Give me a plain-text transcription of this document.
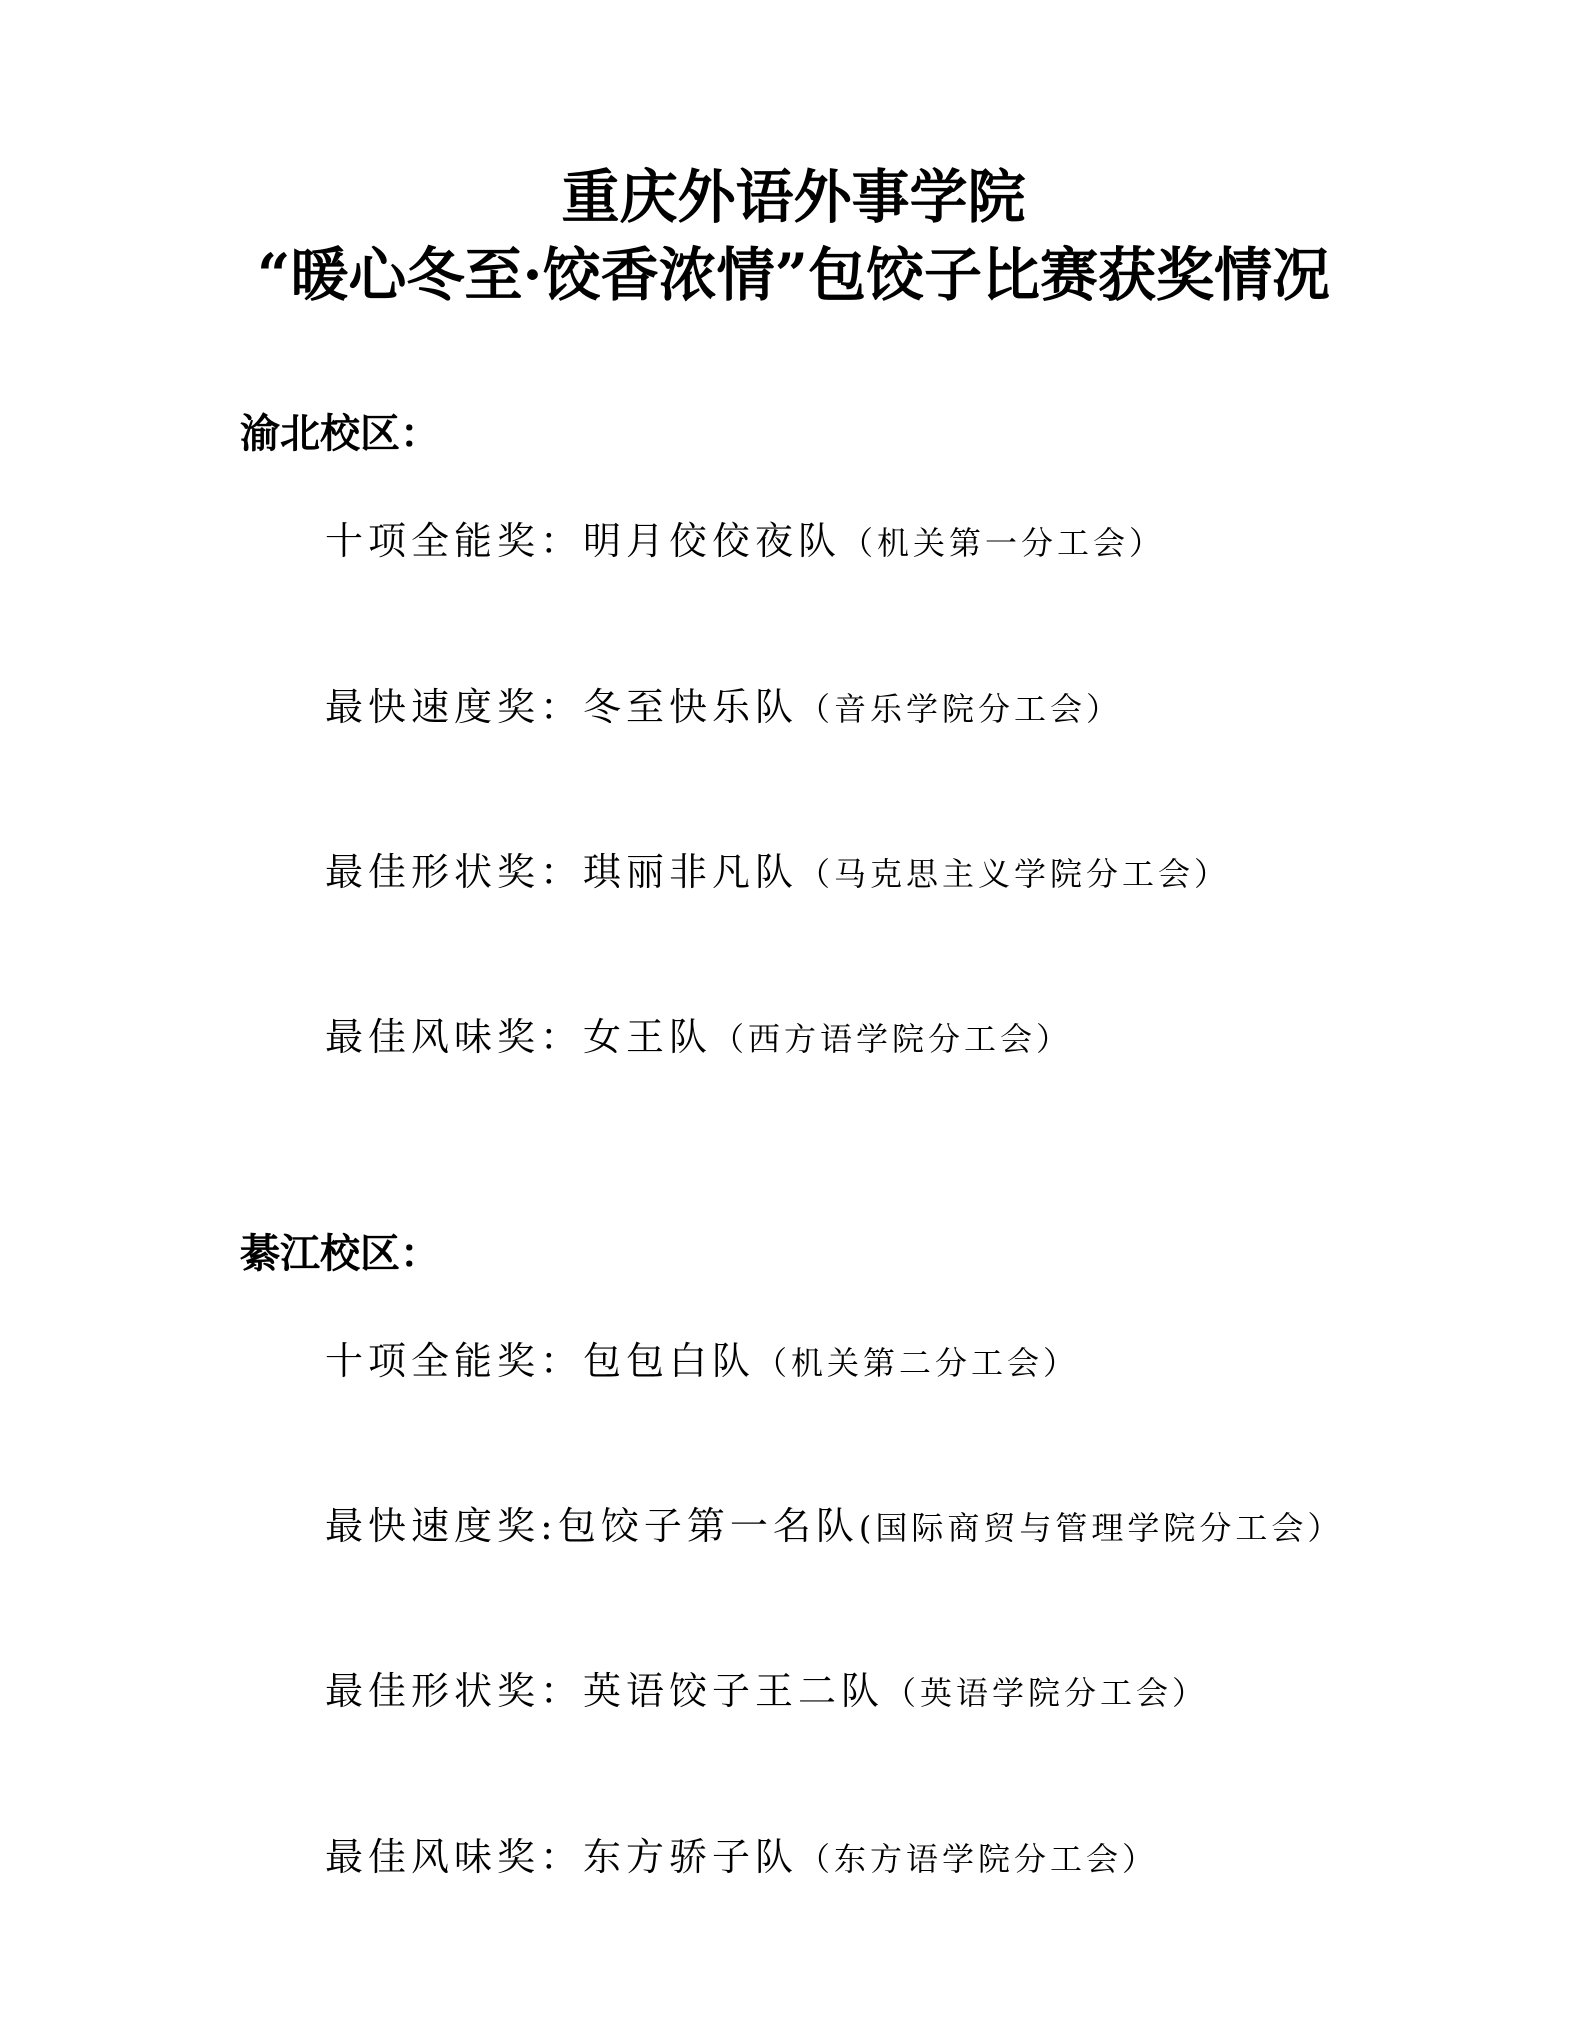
重庆外语外事学院
“暖心冬至·饺香浓情”包饺子比赛获奖情况
渝北校区：
十项全能奖：明月佼佼夜队（机关第一分工会）
最快速度奖：冬至快乐队（音乐学院分工会）
最佳形状奖：琪丽非凡队（马克思主义学院分工会）
最佳风味奖：女王队（西方语学院分工会）
綦江校区：
十项全能奖：包包白队（机关第二分工会）
最快速度奖:包饺子第一名队(国际商贸与管理学院分工会）
最佳形状奖：英语饺子王二队（英语学院分工会）
最佳风味奖：东方骄子队（东方语学院分工会）
